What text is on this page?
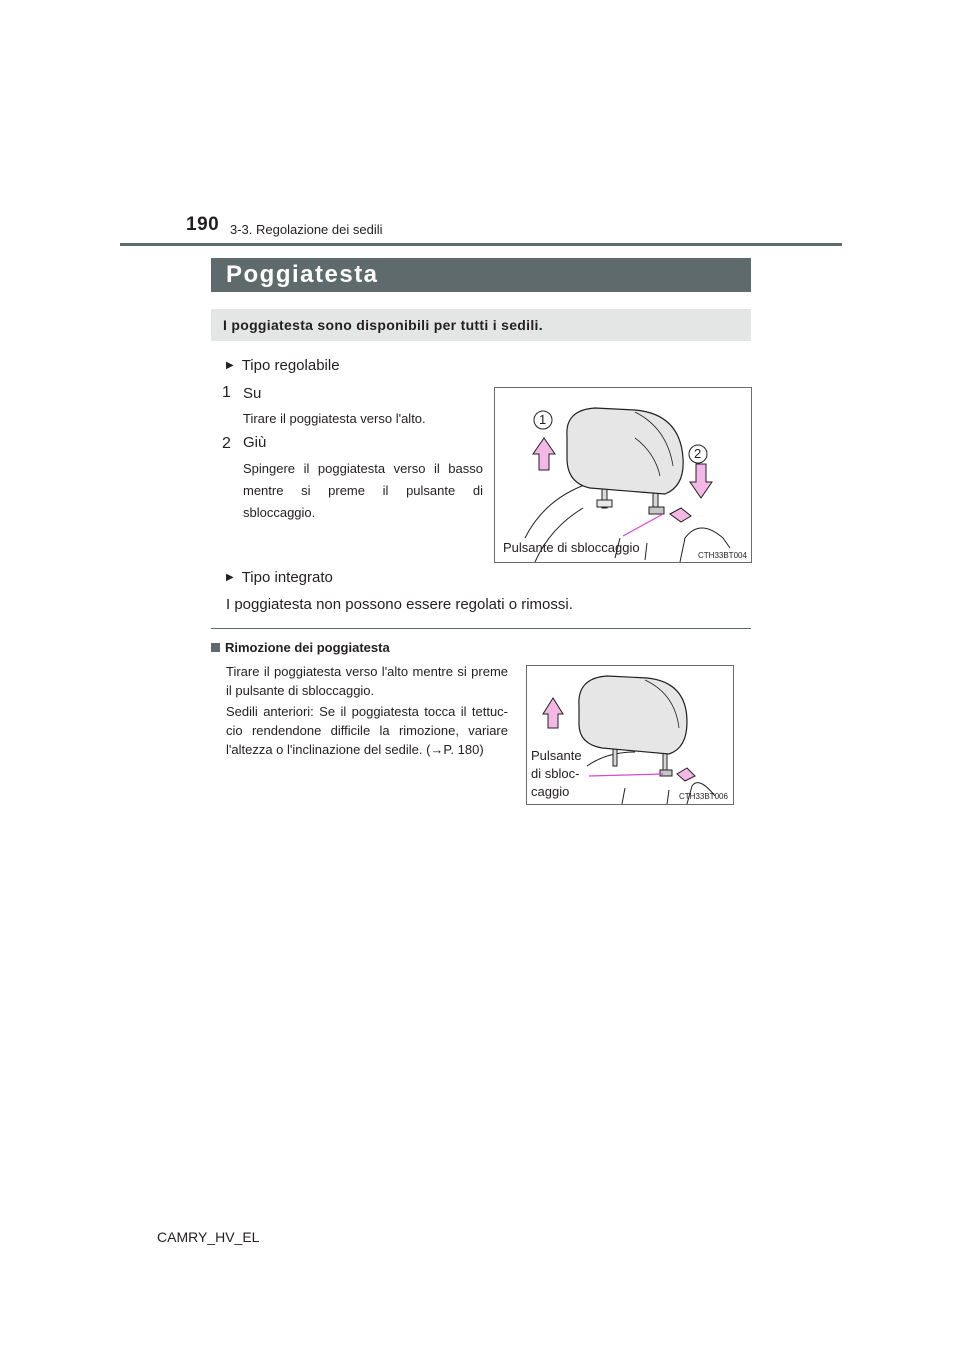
190 3-3. Regolazione dei sedili
Poggiatesta
I poggiatesta sono disponibili per tutti i sedili.
▶ Tipo regolabile
1 Su
Tirare il poggiatesta verso l'alto.
2 Giù
Spingere il poggiatesta verso il basso mentre si preme il pulsante di sbloccaggio.
1
2
Pulsante di sbloccaggio
CTH33BT004
▶ Tipo integrato
I poggiatesta non possono essere regolati o rimossi.
Rimozione dei poggiatesta
Tirare il poggiatesta verso l'alto mentre si preme il pulsante di sbloccaggio.
Sedili anteriori: Se il poggiatesta tocca il tettuc-cio rendendone difficile la rimozione, variare l'altezza o l'inclinazione del sedile. (→P. 180)	Pulsante
di sbloc-
caggio	CTH33BT006
CAMRY_HV_EL
